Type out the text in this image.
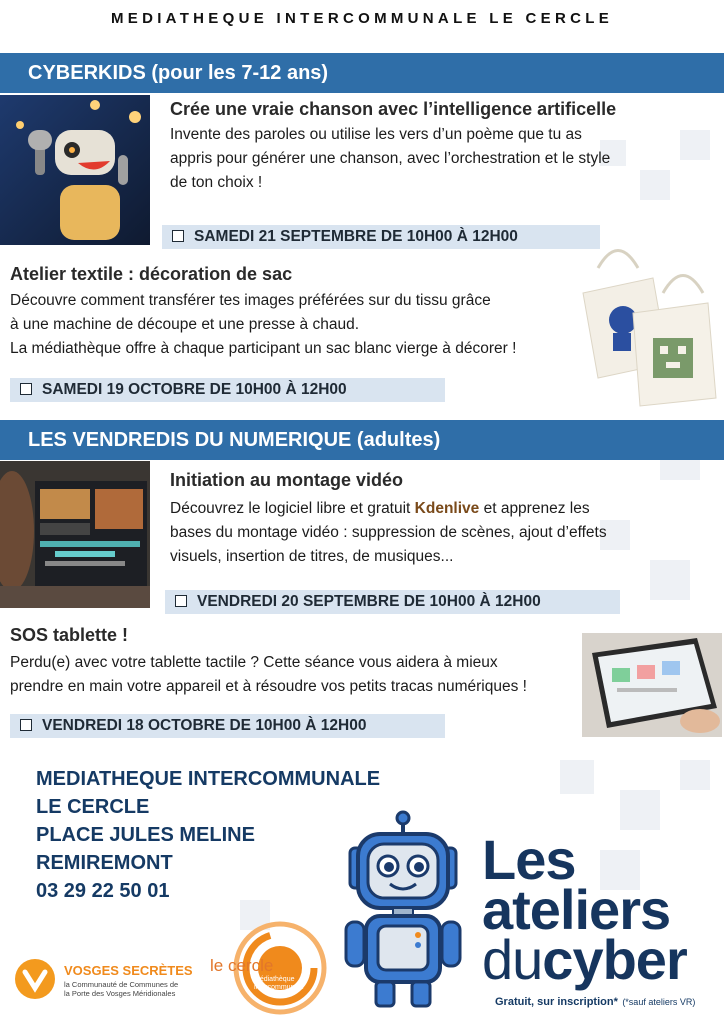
MEDIATHEQUE INTERCOMMUNALE LE CERCLE
CYBERKIDS (pour les 7-12 ans)
Crée une vraie chanson avec l’intelligence artificelle
Invente des paroles ou utilise les vers d’un poème que tu as
appris pour générer une chanson, avec l’orchestration et le style
de ton choix !
SAMEDI 21 SEPTEMBRE DE 10H00 À 12H00
Atelier textile : décoration de sac
Découvre comment transférer tes images préférées sur du tissu grâce
à une machine de découpe et une presse à chaud.
La médiathèque offre à chaque participant un sac blanc vierge à décorer !
SAMEDI 19 OCTOBRE DE 10H00 À 12H00
LES VENDREDIS DU NUMERIQUE (adultes)
Initiation au montage vidéo
Découvrez le logiciel libre et gratuit Kdenlive et apprenez les
bases du montage vidéo : suppression de scènes, ajout d’effets
visuels, insertion de titres, de musiques...
VENDREDI 20 SEPTEMBRE DE 10H00 À 12H00
SOS tablette !
Perdu(e) avec votre tablette tactile ? Cette séance vous aidera à mieux
prendre en main votre appareil et à résoudre vos petits tracas numériques !
VENDREDI 18 OCTOBRE DE 10H00 À 12H00
MEDIATHEQUE INTERCOMMUNALE
LE CERCLE
PLACE JULES MELINE
REMIREMONT
03 29 22 50 01
VOSGES SECRÈTES
la Communauté de Communes de
la Porte des Vosges Méridionales
le cercle
médiathèque
intercommunale
Les
ateliers
ducyber
Gratuit, sur inscription* (*sauf ateliers VR)
